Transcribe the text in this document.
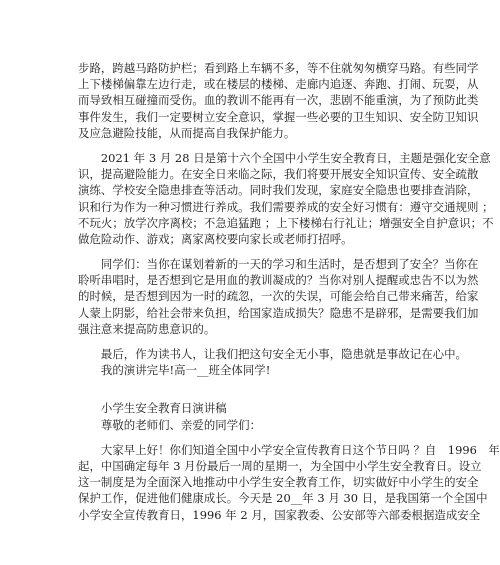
步路，跨越马路防护栏；看到路上车辆不多，等不住就匆匆横穿马路。有些同学
上下楼梯偏靠左边行走，或在楼层的楼梯、走廊内追逐、奔跑、打闹、玩耍，从
而导致相互碰撞而受伤。血的教训不能再有一次，悲剧不能重演，为了预防此类
事件发生，我们一定要树立安全意识，掌握一些必要的卫生知识、安全防卫知识
及应急避险技能，从而提高自我保护能力。
　　2021 年 3 月 28 日是第十六个全国中小学生安全教育日，主题是强化安全意
识，提高避险能力。在安全日来临之际，我们将要开展安全知识宣传、安全疏散
演练、学校安全隐患排查等活动。同时我们发现，家庭安全隐患也要排查消除，
识和行为作为一种习惯进行养成。我们需要养成的安全好习惯有：遵守交通规则 ；
不玩火；放学次序离校；不急追猛跑 ；上下楼梯右行礼让；增强安全自护意识；不
做危险动作、游戏；离家离校要向家长或老师打招呼。
　　同学们：当你在谋划着新的一天的学习和生活时，是否想到了安全？当你在
聆听串唱时，是否想到它是用血的教训凝成的？当你对别人提醒或忠告不以为然
的时候，是否想到因为一时的疏忽，一次的失误，可能会给自己带来痛苦，给家
人蒙上阴影，给社会带来负担，给国家造成损失？隐患不是辟邪，是需要我们加
强注意来提高防患意识的。
　　最后，作为读书人，让我们把这句安全无小事，隐患就是事故记在心中。
　　我的演讲完毕!高一__班全体同学!
　　小学生安全教育日演讲稿
　　尊敬的老师们、亲爱的同学们：
　　大家早上好！你们知道全国中小学安全宣传教育日这个节日吗 ？自　1996　年
起，中国确定每年 3 月份最后一周的星期一，为全国中小学生安全教育日。设立
这一制度是为全面深入地推动中小学生安全教育工作，切实做好中小学生的安全
保护工作，促进他们健康成长。今天是 20__年 3 月 30 日，是我国第一个全国中
小学安全宣传教育日，1996 年 2 月，国家教委、公安部等六部委根据造成安全
